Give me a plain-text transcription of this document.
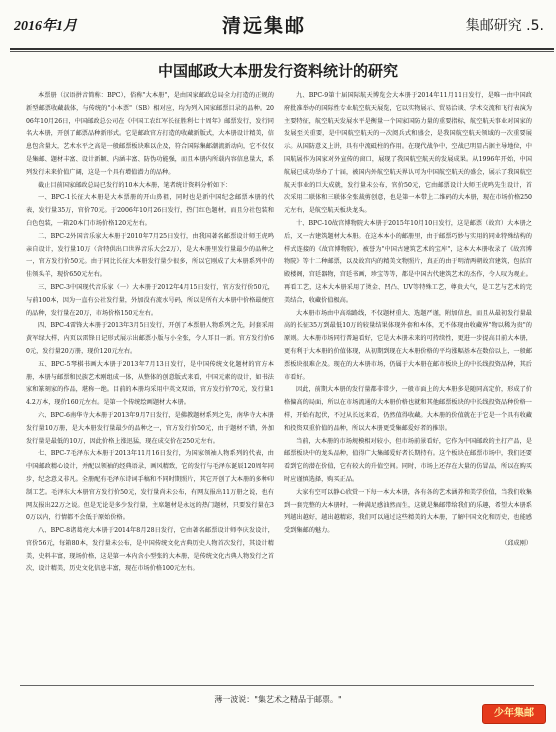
2016年1月	清远集邮	集邮研究 .5.
中国邮政大本册发行资料统计的研究

本票册（汉语拼音简称：BPC），俗称"大本册"，是由国家邮政总局全力打造的正规的新型邮票收藏载体，与传统的"小本票"（SB）相对应，均为列入国家邮票目录的品种。2006年10月26日，中国邮政总公司在《中国工农红军长征胜利七十周年》邮票发行，发行同名大本册，开创了邮票品种新形式。它是邮政官方打造的收藏新版式，大本册设计精美，信息包含量大，艺术水平之高是一般邮票板块难以企及，符合国际集邮潮流新动向，它不仅仅是集邮、题材丰富、设计新颖、内涵丰富、防伪功能强，而且本册内所载内容信息量大，系列发行未来价值广阔，这是一个具有增值潜力的品种。

截止目前国家邮政总局已发行的10本大本册，笔者统计资料分析如下：

一、BPC-1长征大本册是大本票册的开山鼻祖，同时也是新中国纪念邮票本册的代表，发行量35万，官价70元。于2006年10月26日发行，热门红色题材，而且分社包装和白色包装，一箱20本门市场价格120元左右。

二、BPC-2外国音乐家大本册于2010年7月25日发行，由我国著名邮票设计师王虎鸣亲自设计，发行量10万（含特供出口世界音乐大会2万），是大本册里发行量最少的品种之一，官方发行价50元。由于同比长征大本册发行量少很多，所以它刚成了大本册系列中的佳领头羊，现价650元左右。

三、BPC-3中国现代音乐家（一）大本册于2012年4月15日发行，官方发行价50元，与前100本，因为一直有公社发行量，外加没有流水号码，所以是所有大本册中价格最便宜的品种，发行量在20万，市场价格150元左右。

四、BPC-4雷锋大本册于2013年3月5日发行，开创了本票册人物系列之先，封套采用黄军绿大样，内页以雷锋日记形式展示出邮票小版与小全张，令人耳目一新。官方发行价60元，发行量20万册，现价120元左右。

五、BPC-5琴棋书画大本册于2013年7月13日发行，是中国传统文化题材的官方本册，本册与邮票和民族艺术刚组成一体，从整体的创意版式来看，中国元素的设计，如书法家和篆刻家的作品，堪称一绝。目前的本册均采用中英文双语，官方发行价70元，发行量14.2万本，现价160元左右。是第一个传统绘画题材大本册。

六、BPC-6南华寺大本册于2013年9月7日发行，是佛教题材系列之先，南华寺大本册发行量10万册，是大本册发行量最少的品种之一，官方发行价50元，由于题材不错，外加发行量是最低的10万，因此价格上涨迅猛，现在成交价在250元左右。

七、BPC-7毛泽东大本册于2013年11月16日发行，为国家领袖人物系列的代表，由中国邮政精心设计，并配以领袖的经典语录，画风精致，它的发行与毛泽东诞辰120周年同步，纪念意义非凡。全册配有毛泽东诗词手稿和不同时期照片，其它开创了大本册的多种印制工艺。毛泽东大本册官方发行价50元，发行量尚未公布，有网友报出11万册之说，也有网友报出22万之说。但是无论是多少发行量，主席题材是永远的热门题材，只要发行量在30万以内，行情都不会低于原始价格。

八、BPC-8诸葛亮大本册于2014年8月28日发行，它由著名邮票设计师李庆发设计，官价56元，每箱80本，发行量未公布，是中国传统文化古典历史人物首次发行，其设计精美，史料丰富，现场价格，这是第一本内含小型张的大本册，是传统文化古典人物发行之首次，设计精美，历史文化信息丰富，现在市场价格100元左右。

九、BPC-9第十届国际航天博览会大本册于2014年11月11日发行，是唯一由中国政府批准举办的国际性专业航空航天展览，它以实物展示、贸易洽谈、学术交流和飞行表演为主要特征，航空航天发展水平是衡量一个国家国防力量的重要指标，航空航天事业对国家的发展至关重要，是中国航空航天的一次阅兵式和盛会，是我国航空航天领域的一次重要展示。从国防意义上讲，具有中流砥柱的作用。在现代战争中，空战已明显占据主导地位，中国航展作为国家对外宣传的窗口，展现了我国航空航天的发展成果。从1996年开始，中国航展已成功举办了十届，被国内外航空航天界认可为中国航空航天的盛会，展示了我国航空航天事业的巨大成就，发行量未公布，官价50元，它由邮票设计大师王虎鸣先生设计，首次采用二联体和三联体全张裁剪创意，也是第一本带上二维码的大本册，现在市场价格250元左右，是航空航天板块龙头。

十、BPC-10故宫博物院大本册于2015年10月10日发行，这是邮票（故宫）大本册之后，又一古建筑题材大本册。在这本本小的邮册里，由于邮票巧妙与实用的同业特殊结构的样式连接的《故宫博物院》，被誉为"中国古建筑艺术的宝库"，这本大本册收录了《故宫博物院》等十二种邮票，以及故宫内的精美文物照片，真正的由于明清两朝故宫建筑，包括宫殿楼阁，宫廷器物，宫廷书画，珍宝等等，都是中国古代建筑艺术的杰作，令人叹为观止。再看工艺，这本大本册采用了烫金、凹凸、UV等特殊工艺，尊贵大气，是工艺与艺术的完美结合，收藏价值极高。

大本册市场由中高端路线，不仅题材重大、选题严谨，附加信息，而且从最初发行量最高的长征35万到最低10万的较量结果体现外套和本体，无不体现由收藏界"物以稀为贵"的原则。大本册市场同行普遍看好，它是大本册未来的可持续性，更进一步提高目前大本册，更有利于大本册的价值体现，从初期到现在大本册价格的平均涨幅基本在数倍以上，一般邮票板块很难企及。现在的大本册市场，仍属于大本册在邮市板块上的中长线投资品种，其后市看好。

因此，前期大本册的发行量都非常少，一般市面上的大本册多是随同高定价，形成了价格偏高的局面，所以在市场流通的大本册价格也就和其他邮票板块的中长线投资品种价格一样，开始有起伏，不过从长远来看，仍然值得收藏。大本册的价值就在于它是一个具有收藏和投资双重价值的品种，所以大本册更受集邮爱好者的推崇。

当前，大本册的市场规模相对较小，但市场前景看好，它作为中国邮政的主打产品，是邮票板块中的龙头品种，值得广大集邮爱好者长期持有。这个板块在邮票市场中，我们还要看到它的潜在价值，它有较大的升值空间。同时，市场上还存在大量的仿冒品，所以在购买时应谨慎选择，购买正品。

大家有空可以静心欣赏一下每一本大本册，各有各的艺术涵养和美学价值，当我们收集到一套完整的大本册时，一种满足感油然而生，这就是集邮带给我们的乐趣，希望大本册系列越出越好，越出越精彩，我们可以通过这些精美的大本册，了解中国文化和历史，也能感受到集邮的魅力。

（邱成刚）

薄一波说："集艺术之精品于邮票。"
少年集邮
